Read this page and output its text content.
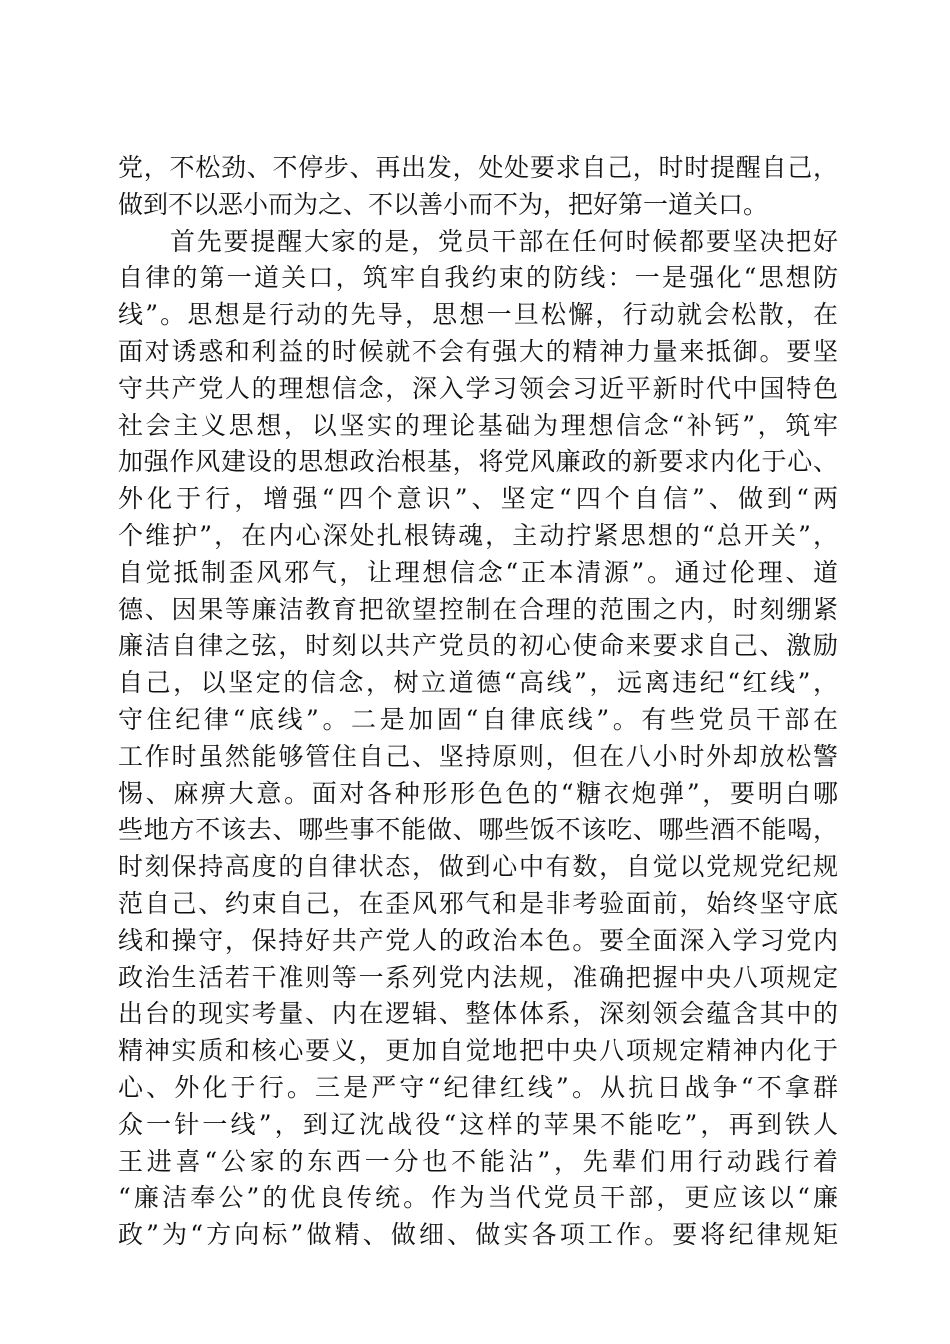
党，不松劲、不停步、再出发，处处要求自己，时时提醒自己，
做到不以恶小而为之、不以善小而不为，把好第一道关口。
首先要提醒大家的是，党员干部在任何时候都要坚决把好
自律的第一道关口，筑牢自我约束的防线：一是强化“思想防
线”。思想是行动的先导，思想一旦松懈，行动就会松散，在
面对诱惑和利益的时候就不会有强大的精神力量来抵御。要坚
守共产党人的理想信念，深入学习领会习近平新时代中国特色
社会主义思想，以坚实的理论基础为理想信念“补钙”，筑牢
加强作风建设的思想政治根基，将党风廉政的新要求内化于心、
外化于行，增强“四个意识”、坚定“四个自信”、做到“两
个维护”，在内心深处扎根铸魂，主动拧紧思想的“总开关”，
自觉抵制歪风邪气，让理想信念“正本清源”。通过伦理、道
德、因果等廉洁教育把欲望控制在合理的范围之内，时刻绷紧
廉洁自律之弦，时刻以共产党员的初心使命来要求自己、激励
自己，以坚定的信念，树立道德“高线”，远离违纪“红线”，
守住纪律“底线”。二是加固“自律底线”。有些党员干部在
工作时虽然能够管住自己、坚持原则，但在八小时外却放松警
惕、麻痹大意。面对各种形形色色的“糖衣炮弹”，要明白哪
些地方不该去、哪些事不能做、哪些饭不该吃、哪些酒不能喝，
时刻保持高度的自律状态，做到心中有数，自觉以党规党纪规
范自己、约束自己，在歪风邪气和是非考验面前，始终坚守底
线和操守，保持好共产党人的政治本色。要全面深入学习党内
政治生活若干准则等一系列党内法规，准确把握中央八项规定
出台的现实考量、内在逻辑、整体体系，深刻领会蕴含其中的
精神实质和核心要义，更加自觉地把中央八项规定精神内化于
心、外化于行。三是严守“纪律红线”。从抗日战争“不拿群
众一针一线”，到辽沈战役“这样的苹果不能吃”，再到铁人
王进喜“公家的东西一分也不能沾”，先辈们用行动践行着
“廉洁奉公”的优良传统。作为当代党员干部，更应该以“廉
政”为“方向标”做精、做细、做实各项工作。要将纪律规矩
